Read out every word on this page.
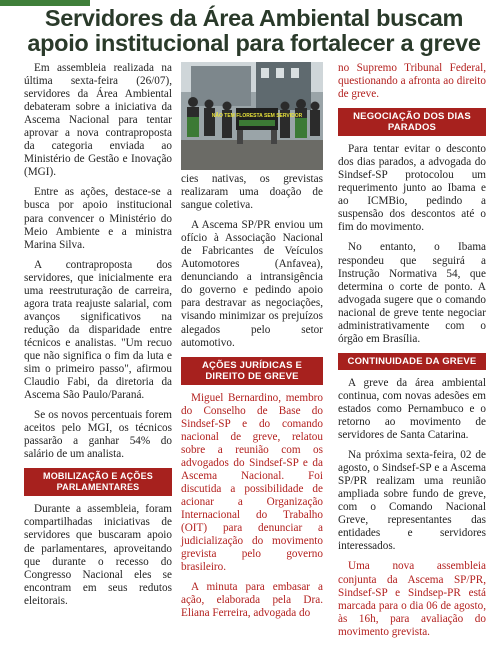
Servidores da Área Ambiental buscam apoio institucional para fortalecer a greve

Em assembleia realizada na última sexta-feira (26/07), servidores da Área Ambiental debateram sobre a iniciativa da Ascema Nacional para tentar aprovar a nova contraproposta da categoria enviada ao Ministério de Gestão e Inovação (MGI).

Entre as ações, destace-se a busca por apoio institucional para convencer o Ministério do Meio Ambiente e a ministra Marina Silva.

A contraproposta dos servidores, que inicialmente era uma reestruturação de carreira, agora trata reajuste salarial, com avanços significativos na redução da disparidade entre técnicos e analistas. "Um recuo que não significa o fim da luta e sim o primeiro passo", afirmou Claudio Fabi, da diretoria da Ascema São Paulo/Paraná.

Se os novos percentuais forem aceitos pelo MGI, os técnicos passarão a ganhar 54% do salário de um analista.

MOBILIZAÇÃO E AÇÕES PARLAMENTARES

Durante a assembleia, foram compartilhadas iniciativas de servidores que buscaram apoio de parlamentares, aproveitando que durante o recesso do Congresso Nacional eles se encontram em seus redutos eleitorais.

NÃO TEM FLORESTA SEM SERVIDOR

cies nativas, os grevistas realizaram uma doação de sangue coletiva.

A Ascema SP/PR enviou um ofício à Associação Nacional de Fabricantes de Veículos Automotores (Anfavea), denunciando a intransigência do governo e pedindo apoio para destravar as negociações, visando minimizar os prejuízos alegados pelo setor automotivo.

AÇÕES JURÍDICAS E DIREITO DE GREVE

Miguel Bernardino, membro do Conselho de Base do Sindsef-SP e do comando nacional de greve, relatou sobre a reunião com os advogados do Sindsef-SP e da Ascema Nacional. Foi discutida a possibilidade de acionar a Organização Internacional do Trabalho (OIT) para denunciar a judicialização do movimento grevista pelo governo brasileiro.

A minuta para embasar a ação, elaborada pela Dra. Eliana Ferreira, advogada do

no Supremo Tribunal Federal, questionando a afronta ao direito de greve.

NEGOCIAÇÃO DOS DIAS PARADOS

Para tentar evitar o desconto dos dias parados, a advogada do Sindsef-SP protocolou um requerimento junto ao Ibama e ao ICMBio, pedindo a suspensão dos descontos até o fim do movimento.

No entanto, o Ibama respondeu que seguirá a Instrução Normativa 54, que determina o corte de ponto. A advogada sugere que o comando nacional de greve tente negociar administrativamente com o órgão em Brasília.

CONTINUIDADE DA GREVE

A greve da área ambiental continua, com novas adesões em estados como Pernambuco e o retorno ao movimento de servidores de Santa Catarina.

Na próxima sexta-feira, 02 de agosto, o Sindsef-SP e a Ascema SP/PR realizam uma reunião ampliada sobre fundo de greve, com o Comando Nacional Greve, representantes das entidades e servidores interessados.

Uma nova assembleia conjunta da Ascema SP/PR, Sindsef-SP e Sindsep-PR está marcada para o dia 06 de agosto, às 16h, para avaliação do movimento grevista.
